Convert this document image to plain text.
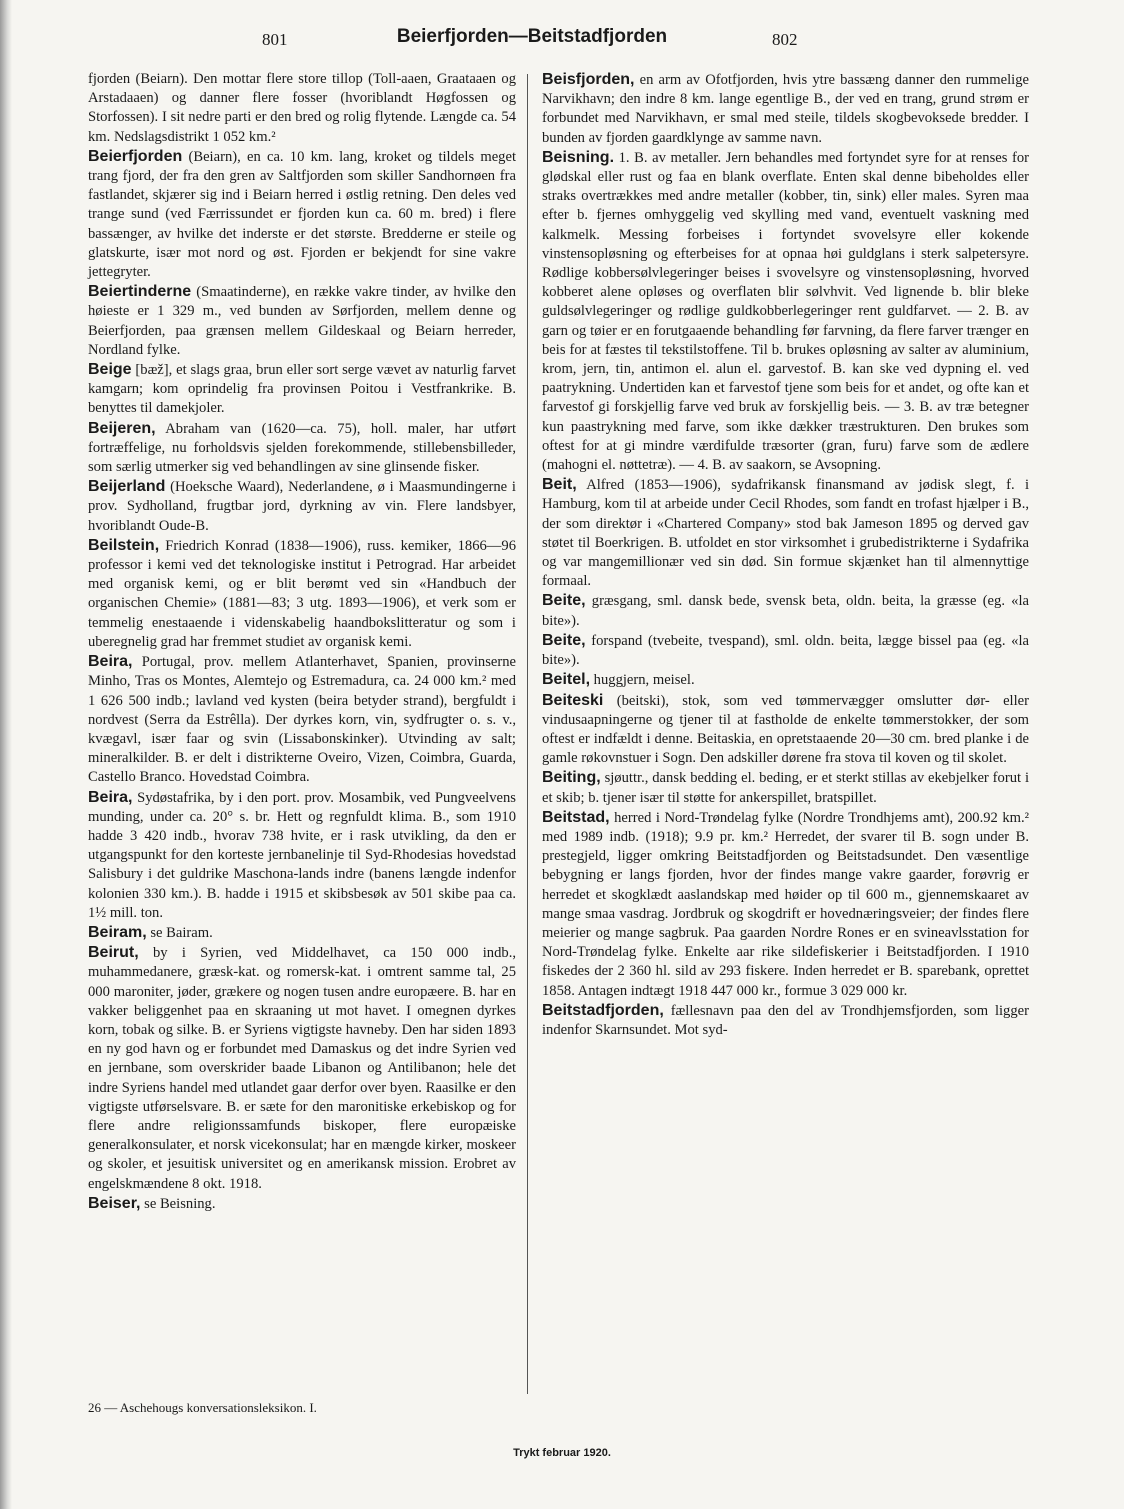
801	Beierfjorden—Beitstadfjorden	802

fjorden (Beiarn). Den mottar flere store tillop (Toll-aaen, Graataaen og Arstadaaen) og danner flere fosser (hvoriblandt Høgfossen og Storfossen). I sit nedre parti er den bred og rolig flytende. Længde ca. 54 km. Nedslagsdistrikt 1 052 km.²

Beierfjorden (Beiarn), en ca. 10 km. lang, kroket og tildels meget trang fjord, der fra den gren av Saltfjorden som skiller Sandhornøen fra fastlandet, skjærer sig ind i Beiarn herred i østlig retning. Den deles ved trange sund (ved Færrissundet er fjorden kun ca. 60 m. bred) i flere bassænger, av hvilke det inderste er det største. Bredderne er steile og glatskurte, især mot nord og øst. Fjorden er bekjendt for sine vakre jettegryter.

Beiertinderne (Smaatinderne), en række vakre tinder, av hvilke den høieste er 1 329 m., ved bunden av Sørfjorden, mellem denne og Beierfjorden, paa grænsen mellem Gildeskaal og Beiarn herreder, Nordland fylke.

Beige [bæž], et slags graa, brun eller sort serge vævet av naturlig farvet kamgarn; kom oprindelig fra provinsen Poitou i Vestfrankrike. B. benyttes til damekjoler.

Beijeren, Abraham van (1620—ca. 75), holl. maler, har utført fortræffelige, nu forholdsvis sjelden forekommende, stillebensbilleder, som særlig utmerker sig ved behandlingen av sine glinsende fisker.

Beijerland (Hoeksche Waard), Nederlandene, ø i Maasmundingerne i prov. Sydholland, frugtbar jord, dyrkning av vin. Flere landsbyer, hvoriblandt Oude-B.

Beilstein, Friedrich Konrad (1838—1906), russ. kemiker, 1866—96 professor i kemi ved det teknologiske institut i Petrograd. Har arbeidet med organisk kemi, og er blit berømt ved sin «Handbuch der organischen Chemie» (1881—83; 3 utg. 1893—1906), et verk som er temmelig enestaaende i videnskabelig haandbokslitteratur og som i uberegnelig grad har fremmet studiet av organisk kemi.

Beira, Portugal, prov. mellem Atlanterhavet, Spanien, provinserne Minho, Tras os Montes, Alemtejo og Estremadura, ca. 24 000 km.² med 1 626 500 indb.; lavland ved kysten (beira betyder strand), bergfuldt i nordvest (Serra da Estrêlla). Der dyrkes korn, vin, sydfrugter o. s. v., kvægavl, især faar og svin (Lissabonskinker). Utvinding av salt; mineralkilder. B. er delt i distrikterne Oveiro, Vizen, Coimbra, Guarda, Castello Branco. Hovedstad Coimbra.

Beira, Sydøstafrika, by i den port. prov. Mosambik, ved Pungveelvens munding, under ca. 20° s. br. Hett og regnfuldt klima. B., som 1910 hadde 3 420 indb., hvorav 738 hvite, er i rask utvikling, da den er utgangspunkt for den korteste jernbanelinje til Syd-Rhodesias hovedstad Salisbury i det guldrike Maschona-lands indre (banens længde indenfor kolonien 330 km.). B. hadde i 1915 et skibsbesøk av 501 skibe paa ca. 1½ mill. ton.

Beiram, se Bairam.

Beirut, by i Syrien, ved Middelhavet, ca 150 000 indb., muhammedanere, græsk-kat. og romersk-kat. i omtrent samme tal, 25 000 maroniter, jøder, grækere og nogen tusen andre europæere. B. har en vakker beliggenhet paa en skraaning ut mot havet. I omegnen dyrkes korn, tobak og silke. B. er Syriens vigtigste havneby. Den har siden 1893 en ny god havn og er forbundet med Damaskus og det indre Syrien ved en jernbane, som overskrider baade Libanon og Antilibanon; hele det indre Syriens handel med utlandet gaar derfor over byen. Raasilke er den vigtigste utførselsvare. B. er sæte for den maronitiske erkebiskop og for flere andre religionssamfunds biskoper, flere europæiske generalkonsulater, et norsk vicekonsulat; har en mængde kirker, moskeer og skoler, et jesuitisk universitet og en amerikansk mission. Erobret av engelskmændene 8 okt. 1918.

Beiser, se Beisning.

Beisfjorden, en arm av Ofotfjorden, hvis ytre bassæng danner den rummelige Narvikhavn; den indre 8 km. lange egentlige B., der ved en trang, grund strøm er forbundet med Narvikhavn, er smal med steile, tildels skogbevoksede bredder. I bunden av fjorden gaardklynge av samme navn.

Beisning. 1. B. av metaller. Jern behandles med fortyndet syre for at renses for glødskal eller rust og faa en blank overflate. Enten skal denne bibeholdes eller straks overtrækkes med andre metaller (kobber, tin, sink) eller males. Syren maa efter b. fjernes omhyggelig ved skylling med vand, eventuelt vaskning med kalkmelk. Messing forbeises i fortyndet svovelsyre eller kokende vinstensopløsning og efterbeises for at opnaa høi guldglans i sterk salpetersyre. Rødlige kobbersølvlegeringer beises i svovelsyre og vinstensopløsning, hvorved kobberet alene opløses og overflaten blir sølvhvit. Ved lignende b. blir bleke guldsølvlegeringer og rødlige guldkobberlegeringer rent guldfarvet. — 2. B. av garn og tøier er en forutgaaende behandling før farvning, da flere farver trænger en beis for at fæstes til tekstilstoffene. Til b. brukes opløsning av salter av aluminium, krom, jern, tin, antimon el. alun el. garvestof. B. kan ske ved dypning el. ved paatrykning. Undertiden kan et farvestof tjene som beis for et andet, og ofte kan et farvestof gi forskjellig farve ved bruk av forskjellig beis. — 3. B. av træ betegner kun paastrykning med farve, som ikke dækker træstrukturen. Den brukes som oftest for at gi mindre værdifulde træsorter (gran, furu) farve som de ædlere (mahogni el. nøttetræ). — 4. B. av saakorn, se Avsopning.

Beit, Alfred (1853—1906), sydafrikansk finansmand av jødisk slegt, f. i Hamburg, kom til at arbeide under Cecil Rhodes, som fandt en trofast hjælper i B., der som direktør i «Chartered Company» stod bak Jameson 1895 og derved gav støtet til Boerkrigen. B. utfoldet en stor virksomhet i grubedistrikterne i Sydafrika og var mangemillionær ved sin død. Sin formue skjænket han til almennyttige formaal.

Beite, græsgang, sml. dansk bede, svensk beta, oldn. beita, la græsse (eg. «la bite»).

Beite, forspand (tvebeite, tvespand), sml. oldn. beita, lægge bissel paa (eg. «la bite»).

Beitel, huggjern, meisel.

Beiteski (beitski), stok, som ved tømmervægger omslutter dør- eller vindusaapningerne og tjener til at fastholde de enkelte tømmerstokker, der som oftest er indfældt i denne. Beitaskia, en opretstaaende 20—30 cm. bred planke i de gamle røkovnstuer i Sogn. Den adskiller dørene fra stova til koven og til skolet.

Beiting, sjøuttr., dansk bedding el. beding, er et sterkt stillas av ekebjelker forut i et skib; b. tjener især til støtte for ankerspillet, bratspillet.

Beitstad, herred i Nord-Trøndelag fylke (Nordre Trondhjems amt), 200.92 km.² med 1989 indb. (1918); 9.9 pr. km.² Herredet, der svarer til B. sogn under B. prestegjeld, ligger omkring Beitstadfjorden og Beitstadsundet. Den væsentlige bebygning er langs fjorden, hvor der findes mange vakre gaarder, forøvrig er herredet et skogklædt aaslandskap med høider op til 600 m., gjennemskaaret av mange smaa vasdrag. Jordbruk og skogdrift er hovednæringsveier; der findes flere meierier og mange sagbruk. Paa gaarden Nordre Rones er en svineavlsstation for Nord-Trøndelag fylke. Enkelte aar rike sildefiskerier i Beitstadfjorden. I 1910 fiskedes der 2 360 hl. sild av 293 fiskere. Inden herredet er B. sparebank, oprettet 1858. Antagen indtægt 1918 447 000 kr., formue 3 029 000 kr.

Beitstadfjorden, fællesnavn paa den del av Trondhjemsfjorden, som ligger indenfor Skarnsundet. Mot syd-

26 — Aschehougs konversationsleksikon. I.
Trykt februar 1920.
